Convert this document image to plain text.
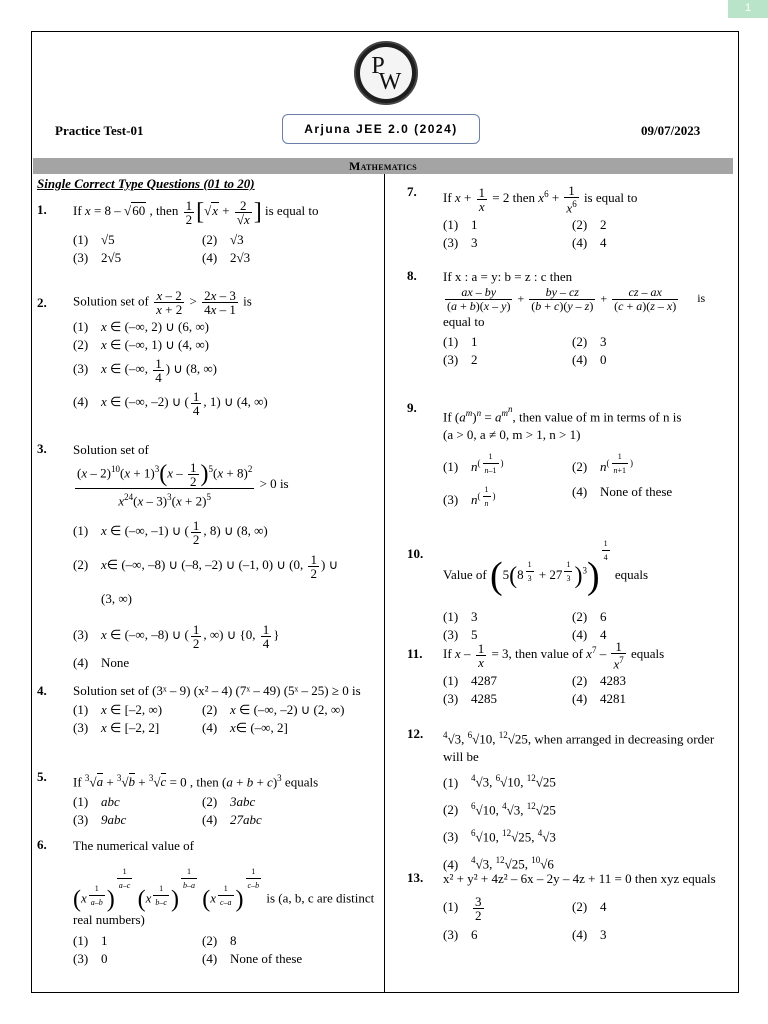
1
P
W
Practice Test-01	Arjuna JEE 2.0 (2024)	09/07/2023
Mathematics
Single Correct Type Questions (01 to 20)
1. If x = 8 – √60 , then $\frac{1}{2} [√x + \frac{2}{√x}$ ] is equal to
(1) √5	(2) √3
(3) 2√5	(4) 2√3
2. Solution set of $\frac{x - 2}{x + 2} > \frac{2x - 3}{4x - 1}$ is
(1) x ∈ (–∞, 2) ∪ (6, ∞)
(2) x ∈ (–∞, 1) ∪ (4, ∞)
(3) x ∈ (–∞, $\frac{1}{4}$ ) ∪ (8, ∞)
(4) x ∈ (–∞, –2) ∪ ( $\frac{1}{4}$ , 1) ∪ (4, ∞)
3. Solution set of
$\frac{(x - 2)^{10}(x + 1)^3(x - \frac{1}{2} )^5(x + 8)^2}{x^{24}(x - 3)^3(x + 2)^5} > 0$ is
(1) x ∈ (–∞, –1) ∪ ( $\frac{1}{2}$ , 8) ∪ (8, ∞)
(2) x∈ (–∞, –8) ∪ (–8, –2) ∪ (–1, 0) ∪ (0, $\frac{1}{2}$ ) ∪
(3, ∞)
(3) x ∈ (–∞, –8) ∪ ( $\frac{1}{2}$ , ∞) ∪ {0, $\frac{1}{4}$ }
(4) None
4. Solution set of (3ˣ – 9) (x² – 4) (7ˣ – 49) (5ˣ – 25) ≥ 0 is
(1) x ∈ [–2, ∞)	(2) x ∈ (–∞, –2) ∪ (2, ∞)
(3) x ∈ [–2, 2]	(4) x∈ (–∞, 2]
5. If $^3$√a + $^3$√b + $^3$√c = 0 , then $(a + b + c)^3$ equals
(1) abc	(2) 3abc
(3) 9abc	(4) 27abc
6. The numerical value of
(x $^{\frac{1}{a-b}}$ )
$^{\frac{1}{a-c}}$
(x $^{\frac{1}{b-c}}$ )
$^{\frac{1}{b-a}}$
(x $^{\frac{1}{c-a}}$ )
$^{\frac{1}{c-b}}$
is (a, b, c are distinct real numbers)
(1) 1	(2) 8
(3) 0	(4) None of these
7. If $x + \frac{1}{x} = 2$ then $x^6 + \frac{1}{x^6}$ is equal to
(1) 1	(2) 2
(3) 3	(4) 4
8. If x : a = y: b = z : c then
$\frac{ax - by}{(a + b)(x - y)} + \frac{by - cz}{(b + c)(y - z)} + \frac{cz - ax}{(c + a)(z - x)}$ is
equal to
(1) 1	(2) 3
(3) 2	(4) 0
9.
If $(a^m)^n = a^{m^n}$, then value of m in terms of n is
(a > 0, a ≠ 0, m > 1, n > 1)
(1) $n^{( \frac{1}{n-1} )}$	(2) $n^{( \frac{1}{n+1} )}$
(3) $n^{( \frac{1}{n} )}$	(4) None of these
10.
Value of (5(8 $^{\frac{1}{3}}$ + 27 $^{\frac{1}{3}}$ )$^3$)
$^{\frac{1}{4}}$
equals
(1) 3	(2) 6
(3) 5	(4) 4
11. If $x - \frac{1}{x} = 3$, then value of $x^7 - \frac{1}{x^7}$ equals
(1) 4287	(2) 4283
(3) 4285	(4) 4281
12. $^4$√3, $^6$√10, $^{12}$√25, when arranged in decreasing order will be
(1) $^4$√3, $^6$√10, $^{12}$√25
(2) $^6$√10, $^4$√3, $^{12}$√25
(3) $^6$√10, $^{12}$√25, $^4$√3
(4) $^4$√3, $^{12}$√25, $^{10}$√6
13. x² + y² + 4z² – 6x – 2y – 4z + 11 = 0 then xyz equals
$(1) \frac{3}{2}$	(2) 4
(3) 6	(4) 3
